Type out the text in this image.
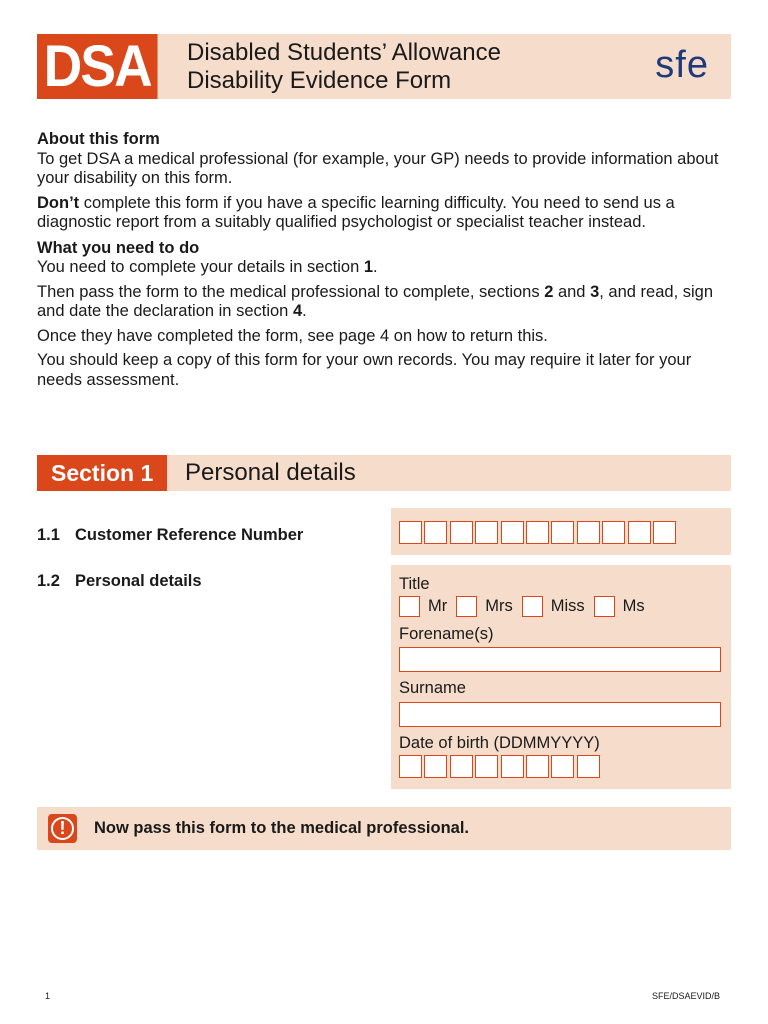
DSA Disabled Students’ Allowance
Disability Evidence Form	sfe
About this form

To get DSA a medical professional (for example, your GP) needs to provide information about your disability on this form.

Don’t complete this form if you have a specific learning difficulty. You need to send us a diagnostic report from a suitably qualified psychologist or specialist teacher instead.

What you need to do

You need to complete your details in section 1.

Then pass the form to the medical professional to complete, sections 2 and 3, and read, sign and date the declaration in section 4.

Once they have completed the form, see page 4 on how to return this.

You should keep a copy of this form for your own records. You may require it later for your needs assessment.

Section 1	Personal details
1.1 Customer Reference Number
1.2 Personal details	Title
Mr Mrs Miss Ms
Forename(s)
Surname
Date of birth (DDMMYYYY)
!	Now pass this form to the medical professional.
1	SFE/DSAEVID/B
